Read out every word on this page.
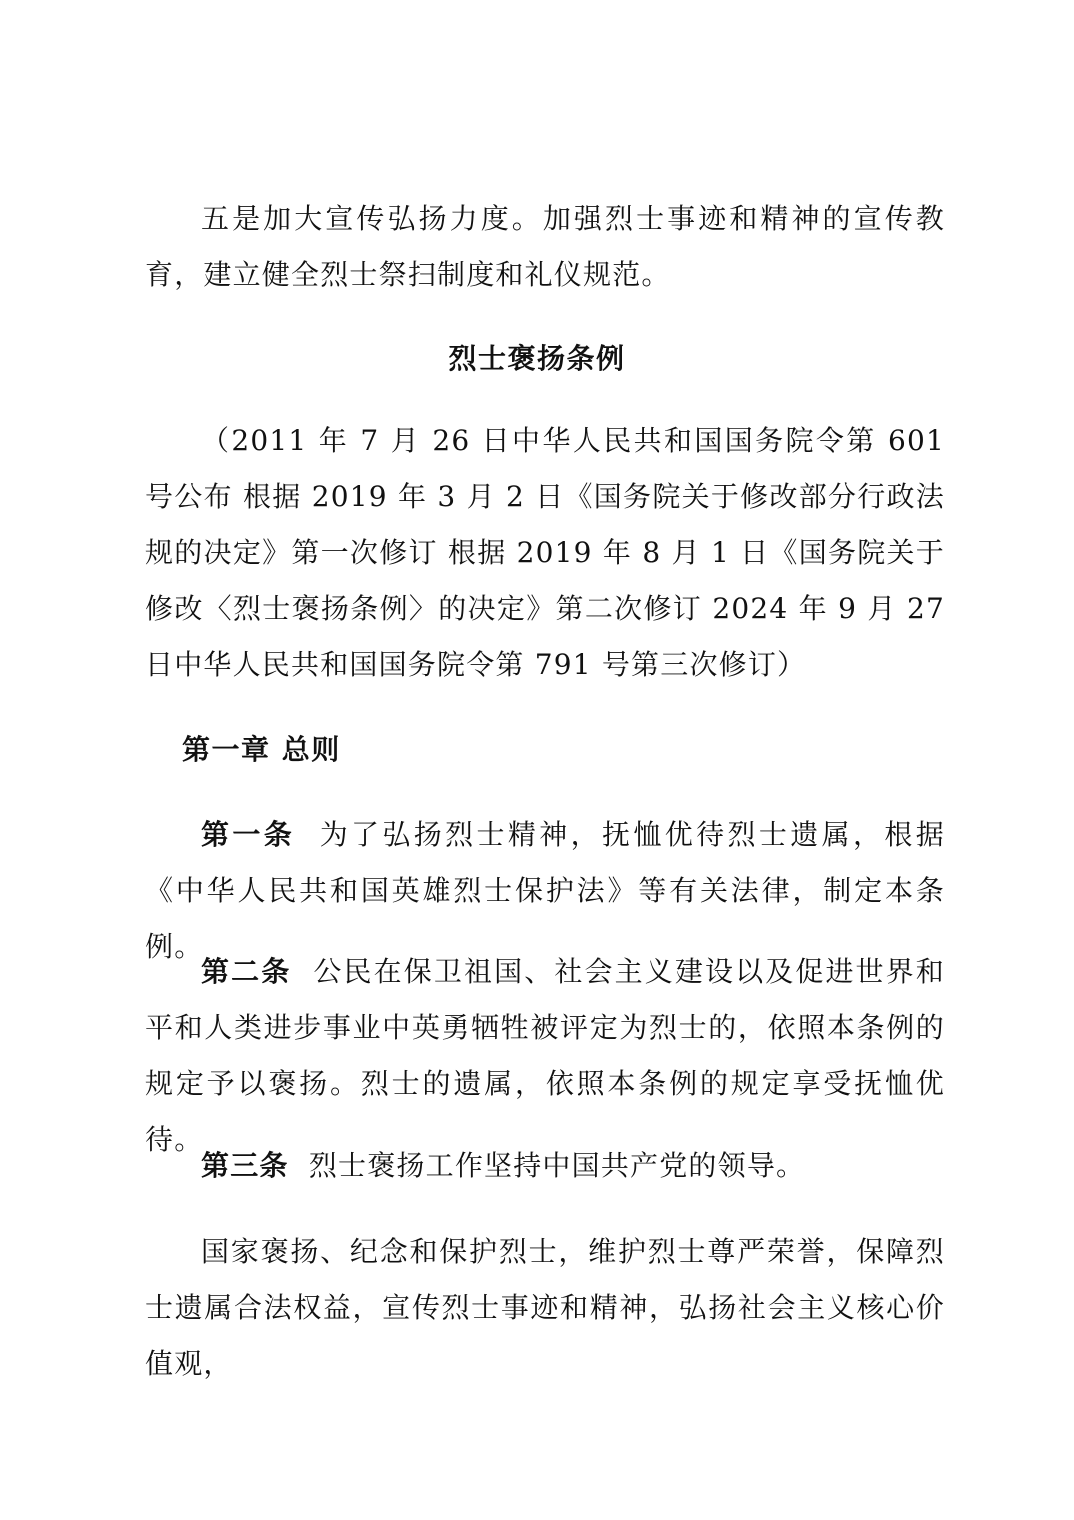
五是加大宣传弘扬力度。加强烈士事迹和精神的宣传教育，建立健全烈士祭扫制度和礼仪规范。

烈士褒扬条例

（2011 年 7 月 26 日中华人民共和国国务院令第 601 号公布 根据 2019 年 3 月 2 日《国务院关于修改部分行政法规的决定》第一次修订 根据 2019 年 8 月 1 日《国务院关于修改〈烈士褒扬条例〉的决定》第二次修订 2024 年 9 月 27 日中华人民共和国国务院令第 791 号第三次修订）

第一章 总则

第一条 为了弘扬烈士精神，抚恤优待烈士遗属，根据《中华人民共和国英雄烈士保护法》等有关法律，制定本条例。

第二条 公民在保卫祖国、社会主义建设以及促进世界和平和人类进步事业中英勇牺牲被评定为烈士的，依照本条例的规定予以褒扬。烈士的遗属，依照本条例的规定享受抚恤优待。

第三条 烈士褒扬工作坚持中国共产党的领导。

国家褒扬、纪念和保护烈士，维护烈士尊严荣誉，保障烈士遗属合法权益，宣传烈士事迹和精神，弘扬社会主义核心价值观，
